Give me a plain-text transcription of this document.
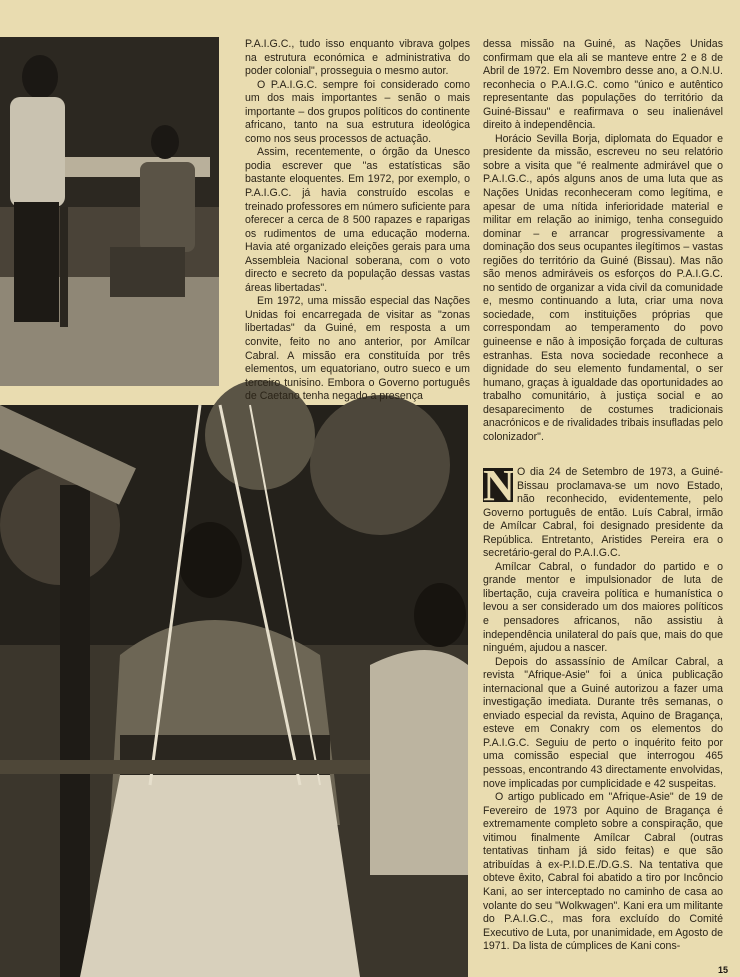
P.A.I.G.C., tudo isso enquanto vibrava golpes na estrutura económica e administrativa do poder colonial", prosseguia o mesmo autor.

O P.A.I.G.C. sempre foi considerado como um dos mais importantes – senão o mais importante – dos grupos políticos do continente africano, tanto na sua estrutura ideológica como nos seus processos de actuação.

Assim, recentemente, o órgão da Unesco podia escrever que "as estatísticas são bastante eloquentes. Em 1972, por exemplo, o P.A.I.G.C. já havia construído escolas e treinado professores em número suficiente para oferecer a cerca de 8 500 rapazes e raparigas os rudimentos de uma educação moderna. Havia até organizado eleições gerais para uma Assembleia Nacional soberana, com o voto directo e secreto da população dessas vastas áreas libertadas".

Em 1972, uma missão especial das Nações Unidas foi encarregada de visitar as "zonas libertadas" da Guiné, em resposta a um convite, feito no ano anterior, por Amílcar Cabral. A missão era constituída por três elementos, um equatoriano, outro sueco e um terceiro tunisino. Embora o Governo português de Caetano tenha negado a presença

dessa missão na Guiné, as Nações Unidas confirmam que ela ali se manteve entre 2 e 8 de Abril de 1972. Em Novembro desse ano, a O.N.U. reconhecia o P.A.I.G.C. como "único e autêntico representante das populações do território da Guiné-Bissau" e reafirmava o seu inalienável direito à independência.

Horácio Sevilla Borja, diplomata do Equador e presidente da missão, escreveu no seu relatório sobre a visita que "é realmente admirável que o P.A.I.G.C., após alguns anos de uma luta que as Nações Unidas reconheceram como legítima, e apesar de uma nítida inferioridade material e militar em relação ao inimigo, tenha conseguido dominar – e arrancar progressivamente a dominação dos seus ocupantes ilegítimos – vastas regiões do território da Guiné (Bissau). Mas não são menos admiráveis os esforços do P.A.I.G.C. no sentido de organizar a vida civil da comunidade e, mesmo continuando a luta, criar uma nova sociedade, com instituições próprias que correspondam ao temperamento do povo guineense e não à imposição forçada de culturas estranhas. Esta nova sociedade reconhece a dignidade do seu elemento fundamental, o ser humano, graças à igualdade das oportunidades ao trabalho comunitário, à justiça social e ao desaparecimento de costumes tradicionais anacrónicos e de rivalidades tribais insufladas pelo colonizador".

N O dia 24 de Setembro de 1973, a Guiné-Bissau proclamava-se um novo Estado, não reconhecido, evidentemente, pelo Governo português de então. Luís Cabral, irmão de Amílcar Cabral, foi designado presidente da República. Entretanto, Aristides Pereira era o secretário-geral do P.A.I.G.C.

Amílcar Cabral, o fundador do partido e o grande mentor e impulsionador de luta de libertação, cuja craveira política e humanística o levou a ser considerado um dos maiores políticos e pensadores africanos, não assistiu à independência unilateral do país que, mais do que ninguém, ajudou a nascer.

Depois do assassínio de Amílcar Cabral, a revista "Afrique-Asie" foi a única publicação internacional que a Guiné autorizou a fazer uma investigação imediata. Durante três semanas, o enviado especial da revista, Aquino de Bragança, esteve em Conakry com os elementos do P.A.I.G.C. Seguiu de perto o inquérito feito por uma comissão especial que interrogou 465 pessoas, encontrando 43 directamente envolvidas, nove implicadas por cumplicidade e 42 suspeitas.

O artigo publicado em "Afrique-Asie" de 19 de Fevereiro de 1973 por Aquino de Bragança é extremamente completo sobre a conspiração, que vitimou finalmente Amílcar Cabral (outras tentativas tinham já sido feitas) e que são atribuídas à ex-P.I.D.E./D.G.S. Na tentativa que obteve êxito, Cabral foi abatido a tiro por Incôncio Kani, ao ser interceptado no caminho de casa ao volante do seu "Wolkwagen". Kani era um militante do P.A.I.G.C., mas fora excluído do Comité Executivo de Luta, por unanimidade, em Agosto de 1971. Da lista de cúmplices de Kani cons-

15
